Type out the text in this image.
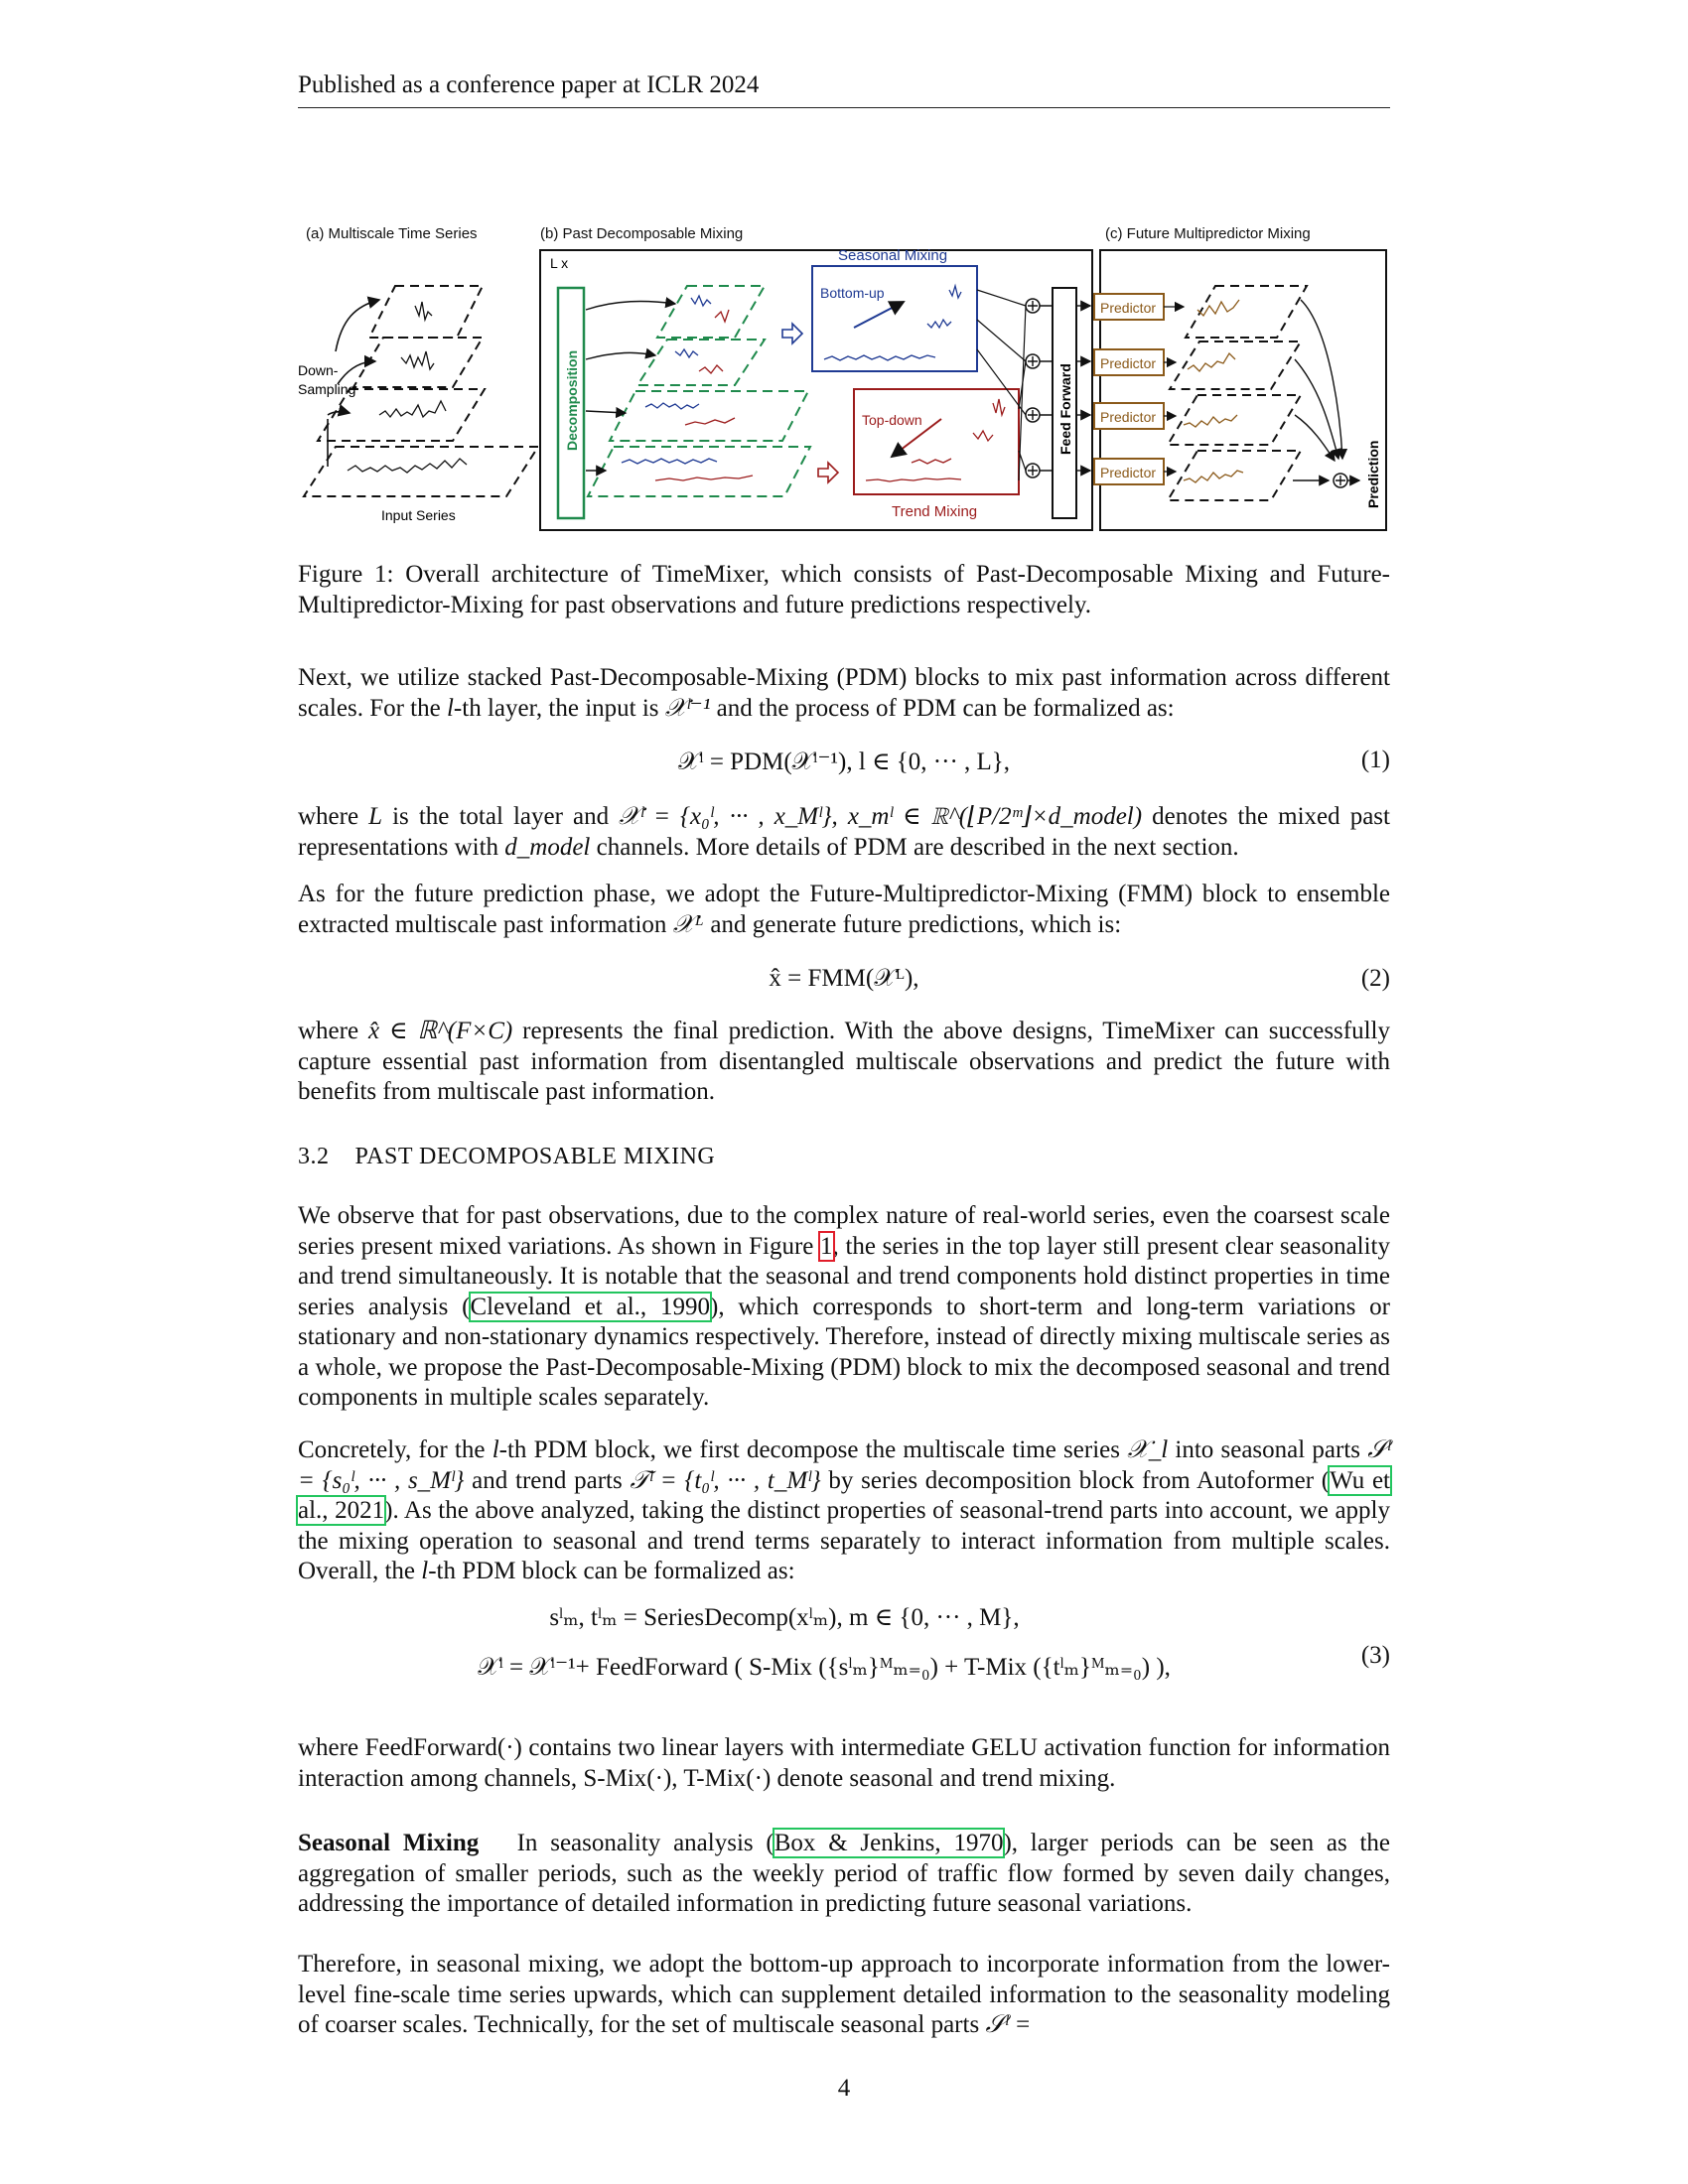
Published as a conference paper at ICLR 2024
(a) Multiscale Time Series	(b) Past Decomposable Mixing	(c) Future Multipredictor Mixing
Down-
Sampling
Input Series
L x
Decomposition
Seasonal Mixing
Bottom-up
Trend Mixing
Top-down	Feed Forward
Predictor
Predictor
Predictor
Predictor	Prediction
Figure 1: Overall architecture of TimeMixer, which consists of Past-Decomposable Mixing and Future-Multipredictor-Mixing for past observations and future predictions respectively.
Next, we utilize stacked Past-Decomposable-Mixing (PDM) blocks to mix past information across different scales. For the l-th layer, the input is 𝒳ˡ⁻¹ and the process of PDM can be formalized as:
𝒳ˡ = PDM(𝒳ˡ⁻¹), l ∈ {0, ··· , L},	(1)
where L is the total layer and 𝒳ˡ = {x₀ˡ, ··· , x_Mˡ}, x_mˡ ∈ ℝ^(⌊P/2ᵐ⌋×d_model) denotes the mixed past representations with d_model channels. More details of PDM are described in the next section.
As for the future prediction phase, we adopt the Future-Multipredictor-Mixing (FMM) block to ensemble extracted multiscale past information 𝒳ᴸ and generate future predictions, which is:
x̂ = FMM(𝒳ᴸ),	(2)
where x̂ ∈ ℝ^(F×C) represents the final prediction. With the above designs, TimeMixer can successfully capture essential past information from disentangled multiscale observations and predict the future with benefits from multiscale past information.
3.2 PAST DECOMPOSABLE MIXING
We observe that for past observations, due to the complex nature of real-world series, even the coarsest scale series present mixed variations. As shown in Figure 1, the series in the top layer still present clear seasonality and trend simultaneously. It is notable that the seasonal and trend components hold distinct properties in time series analysis (Cleveland et al., 1990), which corresponds to short-term and long-term variations or stationary and non-stationary dynamics respectively. Therefore, instead of directly mixing multiscale series as a whole, we propose the Past-Decomposable-Mixing (PDM) block to mix the decomposed seasonal and trend components in multiple scales separately.
Concretely, for the l-th PDM block, we first decompose the multiscale time series 𝒳_l into seasonal parts 𝒮ˡ = {s₀ˡ, ··· , s_Mˡ} and trend parts 𝒯ˡ = {t₀ˡ, ··· , t_Mˡ} by series decomposition block from Autoformer (Wu et al., 2021). As the above analyzed, taking the distinct properties of seasonal-trend parts into account, we apply the mixing operation to seasonal and trend terms separately to interact information from multiple scales. Overall, the l-th PDM block can be formalized as:
sˡₘ, tˡₘ = SeriesDecomp(xˡₘ), m ∈ {0, ··· , M},
𝒳ˡ = 𝒳ˡ⁻¹+ FeedForward ( S-Mix ({sˡₘ}ᴹₘ₌₀) + T-Mix ({tˡₘ}ᴹₘ₌₀) ),	(3)
where FeedForward(·) contains two linear layers with intermediate GELU activation function for information interaction among channels, S-Mix(·), T-Mix(·) denote seasonal and trend mixing.
Seasonal Mixing In seasonality analysis (Box & Jenkins, 1970), larger periods can be seen as the aggregation of smaller periods, such as the weekly period of traffic flow formed by seven daily changes, addressing the importance of detailed information in predicting future seasonal variations.
Therefore, in seasonal mixing, we adopt the bottom-up approach to incorporate information from the lower-level fine-scale time series upwards, which can supplement detailed information to the seasonality modeling of coarser scales. Technically, for the set of multiscale seasonal parts 𝒮ˡ =
4
